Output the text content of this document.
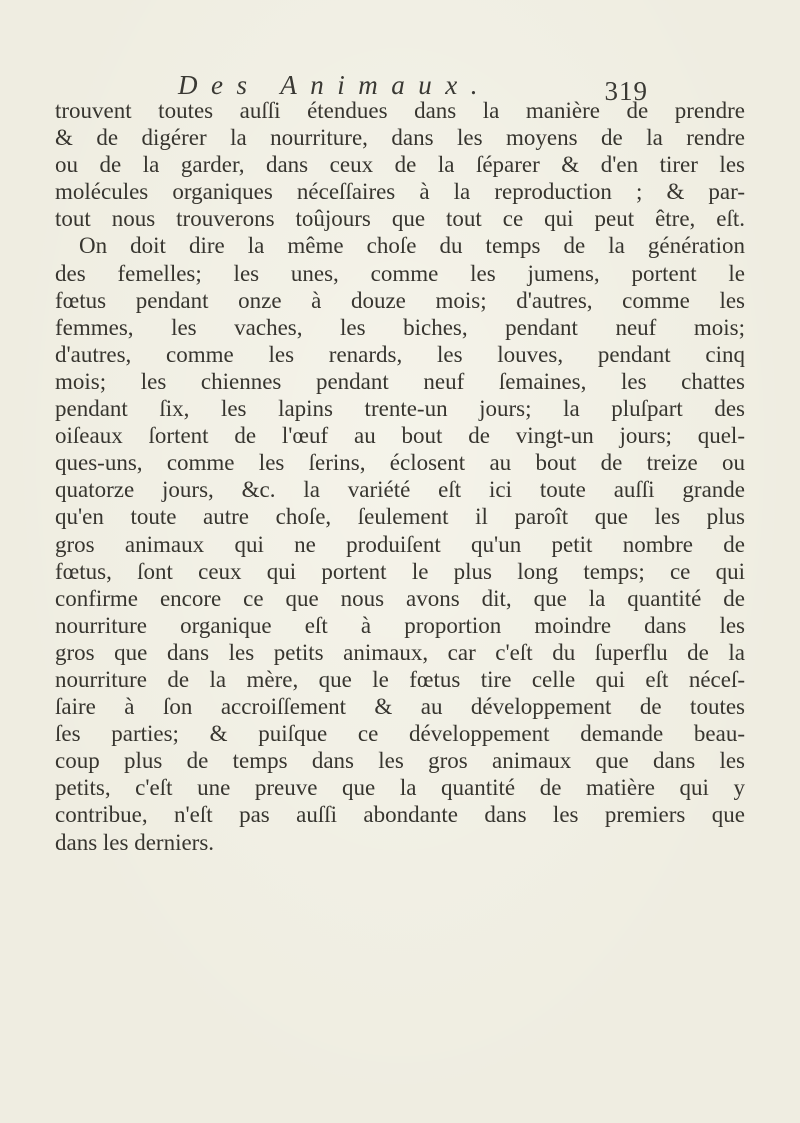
Des Animaux.	319
trouvent toutes auſſi étendues dans la manière de prendre
& de digérer la nourriture, dans les moyens de la rendre
ou de la garder, dans ceux de la ſéparer & d'en tirer les
molécules organiques néceſſaires à la reproduction ; & par-
tout nous trouverons toûjours que tout ce qui peut être, eſt.
On doit dire la même choſe du temps de la génération
des femelles; les unes, comme les jumens, portent le
fœtus pendant onze à douze mois; d'autres, comme les
femmes, les vaches, les biches, pendant neuf mois;
d'autres, comme les renards, les louves, pendant cinq
mois; les chiennes pendant neuf ſemaines, les chattes
pendant ſix, les lapins trente-un jours; la pluſpart des
oiſeaux ſortent de l'œuf au bout de vingt-un jours; quel-
ques-uns, comme les ſerins, éclosent au bout de treize ou
quatorze jours, &c. la variété eſt ici toute auſſi grande
qu'en toute autre choſe, ſeulement il paroît que les plus
gros animaux qui ne produiſent qu'un petit nombre de
fœtus, ſont ceux qui portent le plus long temps; ce qui
confirme encore ce que nous avons dit, que la quantité de
nourriture organique eſt à proportion moindre dans les
gros que dans les petits animaux, car c'eſt du ſuperflu de la
nourriture de la mère, que le fœtus tire celle qui eſt néceſ-
ſaire à ſon accroiſſement & au développement de toutes
ſes parties; & puiſque ce développement demande beau-
coup plus de temps dans les gros animaux que dans les
petits, c'eſt une preuve que la quantité de matière qui y
contribue, n'eſt pas auſſi abondante dans les premiers que
dans les derniers.
